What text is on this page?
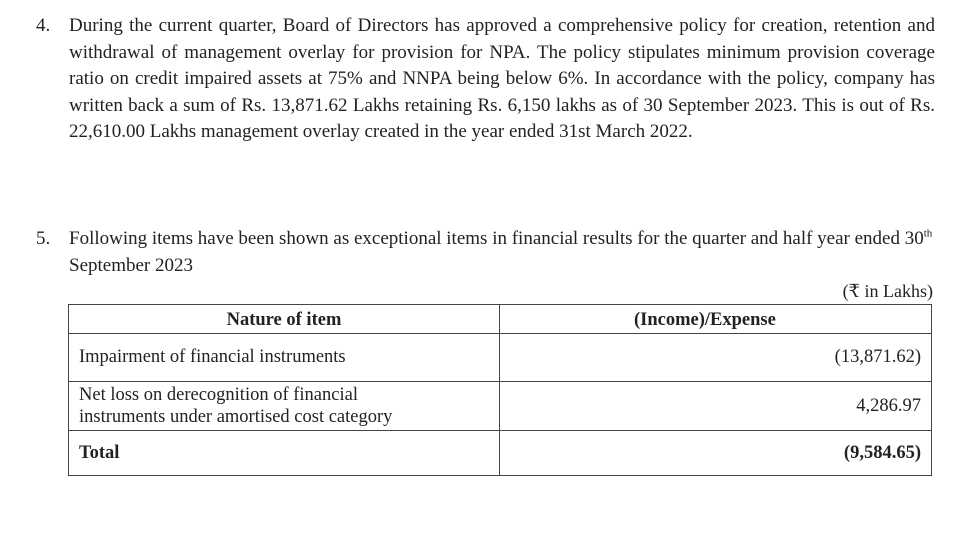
4. During the current quarter, Board of Directors has approved a comprehensive policy for creation, retention and withdrawal of management overlay for provision for NPA. The policy stipulates minimum provision coverage ratio on credit impaired assets at 75% and NNPA being below 6%. In accordance with the policy, company has written back a sum of Rs. 13,871.62 Lakhs retaining Rs. 6,150 lakhs as of 30 September 2023. This is out of Rs. 22,610.00 Lakhs management overlay created in the year ended 31st March 2022.
5. Following items have been shown as exceptional items in financial results for the quarter and half year ended 30th September 2023
(₹ in Lakhs)
Nature of item	(Income)/Expense
Impairment of financial instruments	(13,871.62)
Net loss on derecognition of financial
instruments under amortised cost category	4,286.97
Total	(9,584.65)
